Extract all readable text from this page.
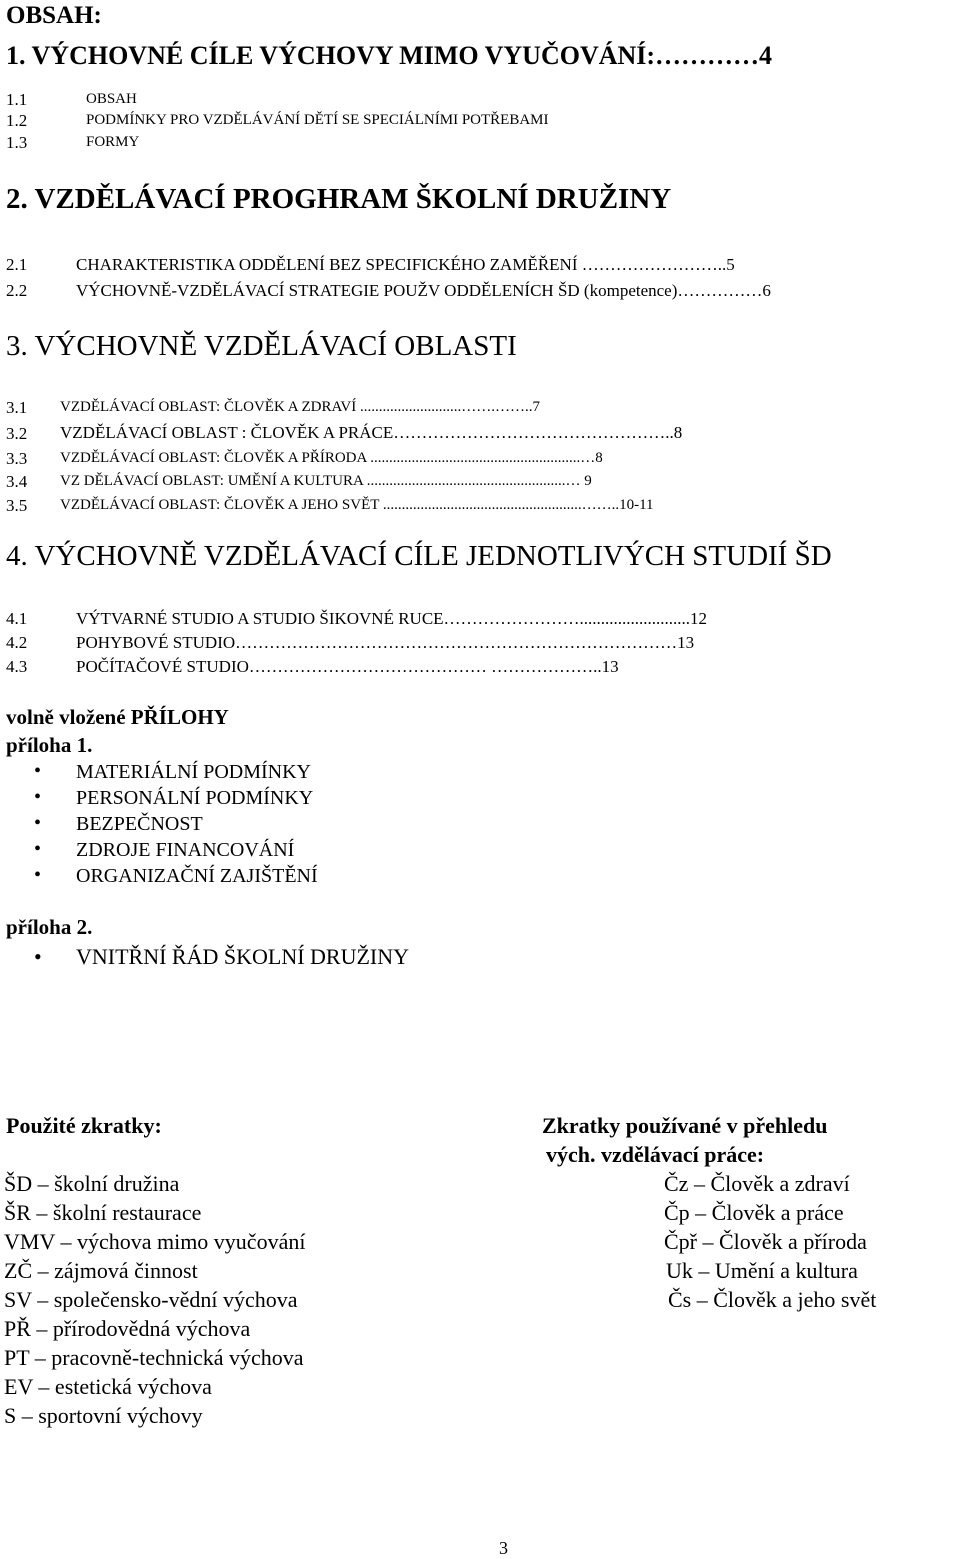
OBSAH:
1. VÝCHOVNÉ CÍLE VÝCHOVY MIMO VYUČOVÁNÍ:…………4
1.1	OBSAH
1.2	PODMÍNKY PRO VZDĚLÁVÁNÍ DĚTÍ SE SPECIÁLNÍMI POTŘEBAMI
1.3	FORMY
2. VZDĚLÁVACÍ PROGHRAM ŠKOLNÍ DRUŽINY
2.1	CHARAKTERISTIKA ODDĚLENÍ BEZ SPECIFICKÉHO ZAMĚŘENÍ ……………………..5
2.2	VÝCHOVNĚ-VZDĚLÁVACÍ STRATEGIE POUŽV ODDĚLENÍCH ŠD (kompetence)……………6
3. VÝCHOVNĚ VZDĚLÁVACÍ OBLASTI
3.1 VZDĚLÁVACÍ OBLAST: ČLOVĚK A ZDRAVÍ ...........................…….……..7
3.2 VZDĚLÁVACÍ OBLAST : ČLOVĚK A PRÁCE…………………………………………..8
3.3 VZDĚLÁVACÍ OBLAST: ČLOVĚK A PŘÍRODA ........................................................…8
3.4 VZ DĚLÁVACÍ OBLAST: UMĚNÍ A KULTURA .....................................................… 9
3.5 VZDĚLÁVACÍ OBLAST: ČLOVĚK A JEHO SVĚT .....................................................……..10-11
4. VÝCHOVNĚ VZDĚLÁVACÍ CÍLE JEDNOTLIVÝCH STUDIÍ ŠD
4.1	VÝTVARNÉ STUDIO A STUDIO ŠIKOVNÉ RUCE……………………..........................12
4.2	POHYBOVÉ STUDIO……………………………………………………………………13
4.3	POČÍTAČOVÉ STUDIO…………………………………… ………………..13
volně vložené PŘÍLOHY
příloha 1.
• MATERIÁLNÍ PODMÍNKY
• PERSONÁLNÍ PODMÍNKY
• BEZPEČNOST
• ZDROJE FINANCOVÁNÍ
• ORGANIZAČNÍ ZAJIŠTĚNÍ
příloha 2.
• VNITŘNÍ ŘÁD ŠKOLNÍ DRUŽINY
Použité zkratky:
ŠD – školní družina
ŠR – školní restaurace
VMV – výchova mimo vyučování
ZČ – zájmová činnost
SV – společensko-vědní výchova
PŘ – přírodovědná výchova
PT – pracovně-technická výchova
EV – estetická výchova
S – sportovní výchovy
Zkratky používané v přehledu
vých. vzdělávací práce:
Čz – Člověk a zdraví
Čp – Člověk a práce
Čpř – Člověk a příroda
Uk – Umění a kultura
Čs – Člověk a jeho svět
3
